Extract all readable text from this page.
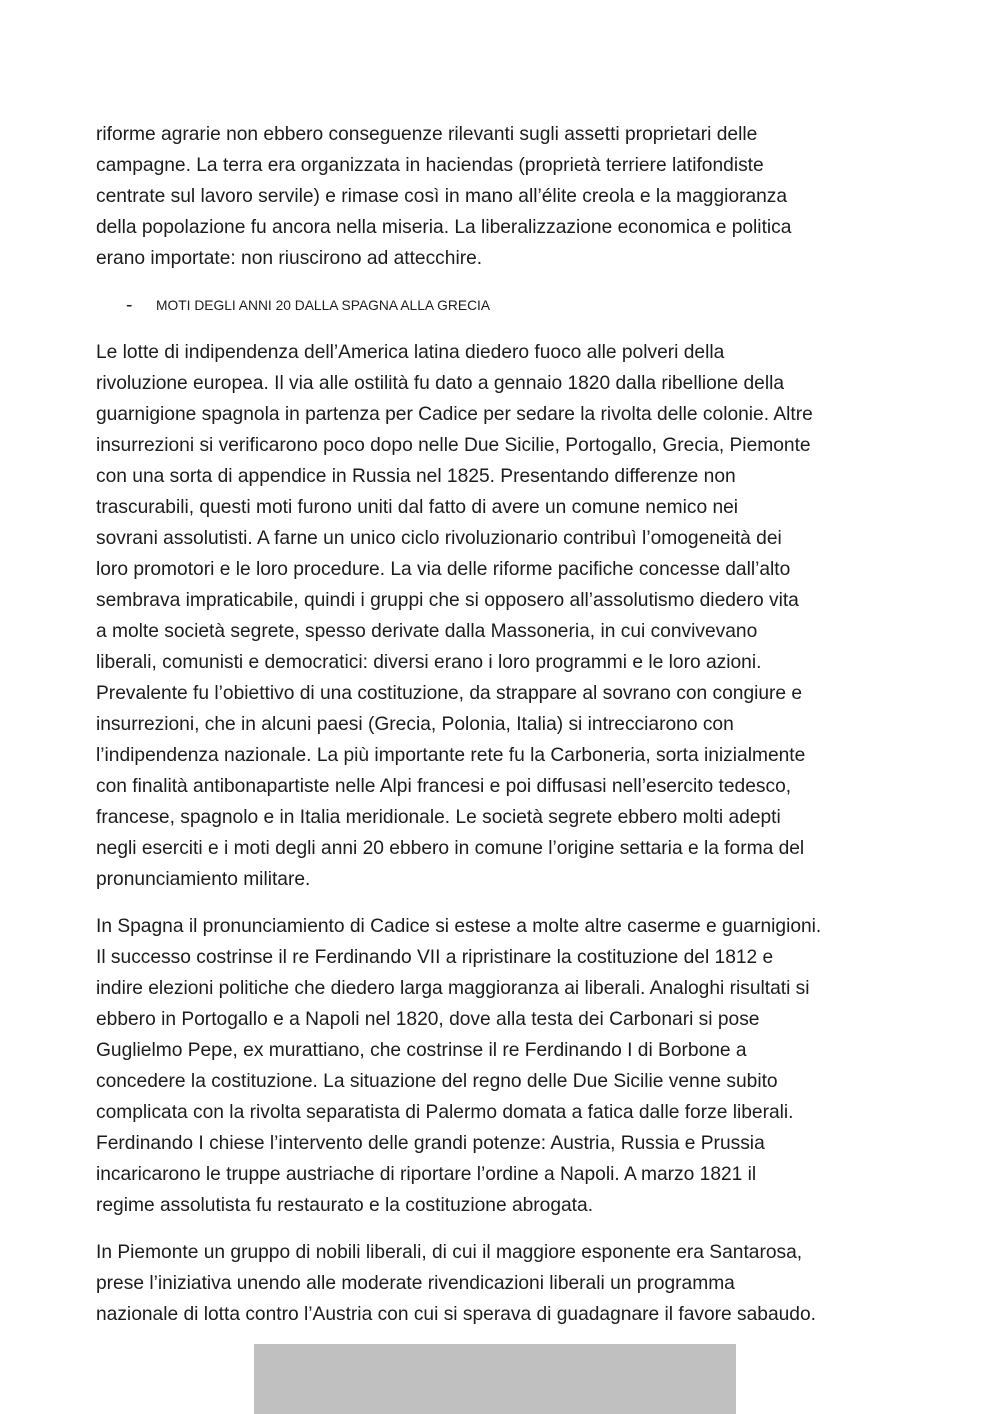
riforme agrarie non ebbero conseguenze rilevanti sugli assetti proprietari delle
campagne. La terra era organizzata in haciendas (proprietà terriere latifondiste
centrate sul lavoro servile) e rimase così in mano all’élite creola e la maggioranza
della popolazione fu ancora nella miseria. La liberalizzazione economica e politica
erano importate: non riuscirono ad attecchire.

-	MOTI DEGLI ANNI 20 DALLA SPAGNA ALLA GRECIA

Le lotte di indipendenza dell’America latina diedero fuoco alle polveri della
rivoluzione europea. Il via alle ostilità fu dato a gennaio 1820 dalla ribellione della
guarnigione spagnola in partenza per Cadice per sedare la rivolta delle colonie. Altre
insurrezioni si verificarono poco dopo nelle Due Sicilie, Portogallo, Grecia, Piemonte
con una sorta di appendice in Russia nel 1825. Presentando differenze non
trascurabili, questi moti furono uniti dal fatto di avere un comune nemico nei
sovrani assolutisti. A farne un unico ciclo rivoluzionario contribuì l’omogeneità dei
loro promotori e le loro procedure. La via delle riforme pacifiche concesse dall’alto
sembrava impraticabile, quindi i gruppi che si opposero all’assolutismo diedero vita
a molte società segrete, spesso derivate dalla Massoneria, in cui convivevano
liberali, comunisti e democratici: diversi erano i loro programmi e le loro azioni.
Prevalente fu l’obiettivo di una costituzione, da strappare al sovrano con congiure e
insurrezioni, che in alcuni paesi (Grecia, Polonia, Italia) si intrecciarono con
l’indipendenza nazionale. La più importante rete fu la Carboneria, sorta inizialmente
con finalità antibonapartiste nelle Alpi francesi e poi diffusasi nell’esercito tedesco,
francese, spagnolo e in Italia meridionale. Le società segrete ebbero molti adepti
negli eserciti e i moti degli anni 20 ebbero in comune l’origine settaria e la forma del
pronunciamiento militare.

In Spagna il pronunciamiento di Cadice si estese a molte altre caserme e guarnigioni.
Il successo costrinse il re Ferdinando VII a ripristinare la costituzione del 1812 e
indire elezioni politiche che diedero larga maggioranza ai liberali. Analoghi risultati si
ebbero in Portogallo e a Napoli nel 1820, dove alla testa dei Carbonari si pose
Guglielmo Pepe, ex murattiano, che costrinse il re Ferdinando I di Borbone a
concedere la costituzione. La situazione del regno delle Due Sicilie venne subito
complicata con la rivolta separatista di Palermo domata a fatica dalle forze liberali.
Ferdinando I chiese l’intervento delle grandi potenze: Austria, Russia e Prussia
incaricarono le truppe austriache di riportare l’ordine a Napoli. A marzo 1821 il
regime assolutista fu restaurato e la costituzione abrogata.

In Piemonte un gruppo di nobili liberali, di cui il maggiore esponente era Santarosa,
prese l’iniziativa unendo alle moderate rivendicazioni liberali un programma
nazionale di lotta contro l’Austria con cui si sperava di guadagnare il favore sabaudo.
